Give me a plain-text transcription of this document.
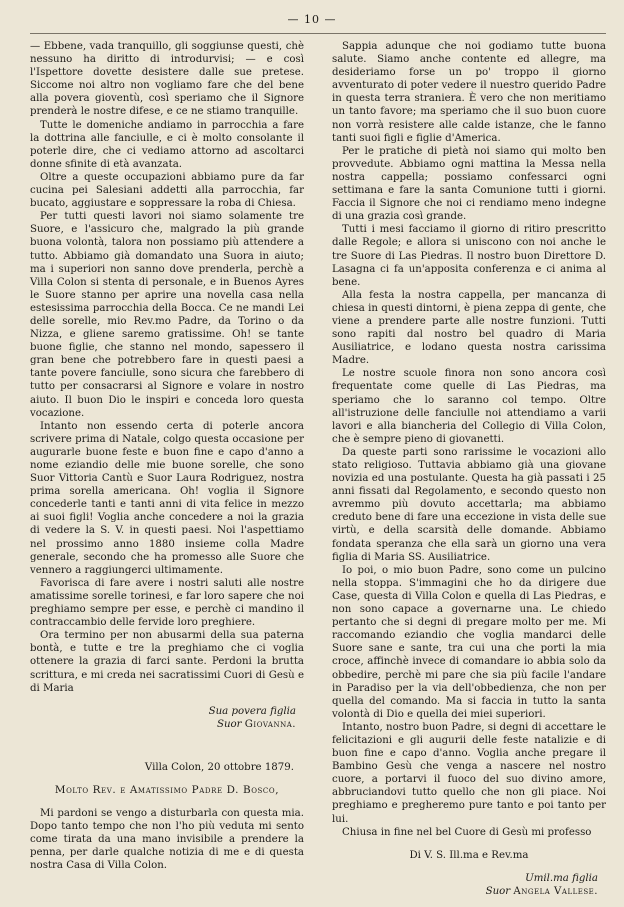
— 10 —

— Ebbene, vada tranquillo, gli soggiunse questi, chè nessuno ha diritto di introdurvisi; — e così l'Ispettore dovette desistere dalle sue pretese. Siccome noi altro non vogliamo fare che del bene alla povera gioventù, così speriamo che il Signore prenderà le nostre difese, e ce ne stiamo tranquille.

Tutte le domeniche andiamo in parrocchia a fare la dottrina alle fanciulle, e ci è molto consolante il poterle dire, che ci vediamo attorno ad ascoltarci donne sfinite di età avanzata.

Oltre a queste occupazioni abbiamo pure da far cucina pei Salesiani addetti alla parrocchia, far bucato, aggiustare e soppressare la roba di Chiesa.

Per tutti questi lavori noi siamo solamente tre Suore, e l'assicuro che, malgrado la più grande buona volontà, talora non possiamo più attendere a tutto. Abbiamo già domandato una Suora in aiuto; ma i superiori non sanno dove prenderla, perchè a Villa Colon si stenta di personale, e in Buenos Ayres le Suore stanno per aprire una novella casa nella estesissima parrocchia della Bocca. Ce ne mandi Lei delle sorelle, mio Rev.mo Padre, da Torino o da Nizza, e gliene saremo gratissime. Oh! se tante buone figlie, che stanno nel mondo, sapessero il gran bene che potrebbero fare in questi paesi a tante povere fanciulle, sono sicura che farebbero di tutto per consacrarsi al Signore e volare in nostro aiuto. Il buon Dio le inspiri e conceda loro questa vocazione.

Intanto non essendo certa di poterle ancora scrivere prima di Natale, colgo questa occasione per augurarle buone feste e buon fine e capo d'anno a nome eziandio delle mie buone sorelle, che sono Suor Vittoria Cantù e Suor Laura Rodriguez, nostra prima sorella americana. Oh! voglia il Signore concederle tanti e tanti anni di vita felice in mezzo ai suoi figli! Voglia anche concedere a noi la grazia di vedere la S. V. in questi paesi. Noi l'aspettiamo nel prossimo anno 1880 insieme colla Madre generale, secondo che ha promesso alle Suore che vennero a raggiungerci ultimamente.

Favorisca di fare avere i nostri saluti alle nostre amatissime sorelle torinesi, e far loro sapere che noi preghiamo sempre per esse, e perchè ci mandino il contraccambio delle fervide loro preghiere.

Ora termino per non abusarmi della sua paterna bontà, e tutte e tre la preghiamo che ci voglia ottenere la grazia di farci sante. Perdoni la brutta scrittura, e mi creda nei sacratissimi Cuori di Gesù e di Maria

Sua povera figlia
Suor Giovanna.
Villa Colon, 20 ottobre 1879.
Molto Rev. e Amatissimo Padre D. Bosco,

Mi pardoni se vengo a disturbarla con questa mia. Dopo tanto tempo che non l'ho più veduta mi sento come tirata da una mano invisibile a prendere la penna, per darle qualche notizia di me e di questa nostra Casa di Villa Colon.

Sappia adunque che noi godiamo tutte buona salute. Siamo anche contente ed allegre, ma desideriamo forse un po' troppo il giorno avventurato di poter vedere il nuestro querido Padre in questa terra straniera. È vero che non meritiamo un tanto favore; ma speriamo che il suo buon cuore non vorrà resistere alle calde istanze, che le fanno tanti suoi figli e figlie d'America.

Per le pratiche di pietà noi siamo qui molto ben provvedute. Abbiamo ogni mattina la Messa nella nostra cappella; possiamo confessarci ogni settimana e fare la santa Comunione tutti i giorni. Faccia il Signore che noi ci rendiamo meno indegne di una grazia così grande.

Tutti i mesi facciamo il giorno di ritiro prescritto dalle Regole; e allora si uniscono con noi anche le tre Suore di Las Piedras. Il nostro buon Direttore D. Lasagna ci fa un'apposita conferenza e ci anima al bene.

Alla festa la nostra cappella, per mancanza di chiesa in questi dintorni, è piena zeppa di gente, che viene a prendere parte alle nostre funzioni. Tutti sono rapiti dal nostro bel quadro di Maria Ausiliatrice, e lodano questa nostra carissima Madre.

Le nostre scuole finora non sono ancora così frequentate come quelle di Las Piedras, ma speriamo che lo saranno col tempo. Oltre all'istruzione delle fanciulle noi attendiamo a varii lavori e alla biancheria del Collegio di Villa Colon, che è sempre pieno di giovanetti.

Da queste parti sono rarissime le vocazioni allo stato religioso. Tuttavia abbiamo già una giovane novizia ed una postulante. Questa ha già passati i 25 anni fissati dal Regolamento, e secondo questo non avremmo più dovuto accettarla; ma abbiamo creduto bene di fare una eccezione in vista delle sue virtù, e della scarsità delle domande. Abbiamo fondata speranza che ella sarà un giorno una vera figlia di Maria SS. Ausiliatrice.

Io poi, o mio buon Padre, sono come un pulcino nella stoppa. S'immagini che ho da dirigere due Case, questa di Villa Colon e quella di Las Piedras, e non sono capace a governarne una. Le chiedo pertanto che si degni di pregare molto per me. Mi raccomando eziandio che voglia mandarci delle Suore sane e sante, tra cui una che porti la mia croce, affinchè invece di comandare io abbia solo da obbedire, perchè mi pare che sia più facile l'andare in Paradiso per la via dell'obbedienza, che non per quella del comando. Ma si faccia in tutto la santa volontà di Dio e quella dei miei superiori.

Intanto, nostro buon Padre, si degni di accettare le felicitazioni e gli augurii delle feste natalizie e di buon fine e capo d'anno. Voglia anche pregare il Bambino Gesù che venga a nascere nel nostro cuore, a portarvi il fuoco del suo divino amore, abbruciandovi tutto quello che non gli piace. Noi preghiamo e pregheremo pure tanto e poi tanto per lui.

Chiusa in fine nel bel Cuore di Gesù mi professo

Di V. S. Ill.ma e Rev.ma
Umil.ma figlia
Suor Angela Vallese.
